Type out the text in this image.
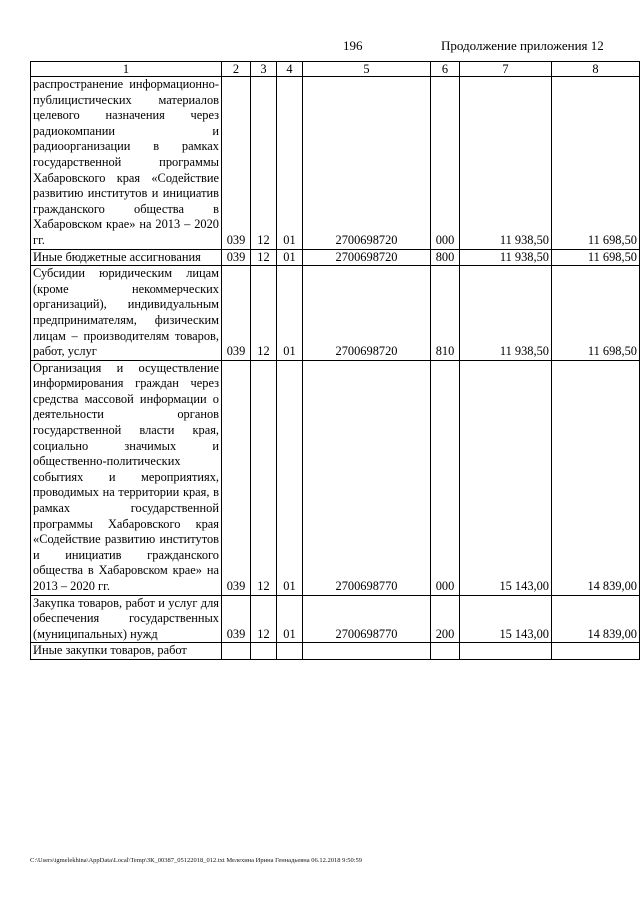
196	Продолжение приложения 12
1	2	3	4	5	6	7	8
распространение информационно-публицистических материалов целевого назначения через радиокомпании и радиоорганизации в рамках государственной программы Хабаровского края «Содействие развитию институтов и инициатив гражданского общества в Хабаровском крае» на 2013 – 2020 гг.	039	12	01	2700698720	000	11 938,50	11 698,50
Иные бюджетные ассигнования	039	12	01	2700698720	800	11 938,50	11 698,50
Субсидии юридическим лицам (кроме некоммерческих организаций), индивидуальным предпринимателям, физическим лицам – производителям товаров, работ, услуг	039	12	01	2700698720	810	11 938,50	11 698,50
Организация и осуществление информирования граждан через средства массовой информации о деятельности органов государственной власти края, социально значимых и общественно-политических событиях и мероприятиях, проводимых на территории края, в рамках государственной программы Хабаровского края «Содействие развитию институтов и инициатив гражданского общества в Хабаровском крае» на 2013 – 2020 гг.	039	12	01	2700698770	000	15 143,00	14 839,00
Закупка товаров, работ и услуг для обеспечения государственных (муниципальных) нужд	039	12	01	2700698770	200	15 143,00	14 839,00
Иные закупки товаров, работ							
C:\Users\igmelekhina\AppData\Local\Temp\ЗК_00387_05122018_012.txt Мелехина Ирина Геннадьевна 06.12.2018 9:50:59
